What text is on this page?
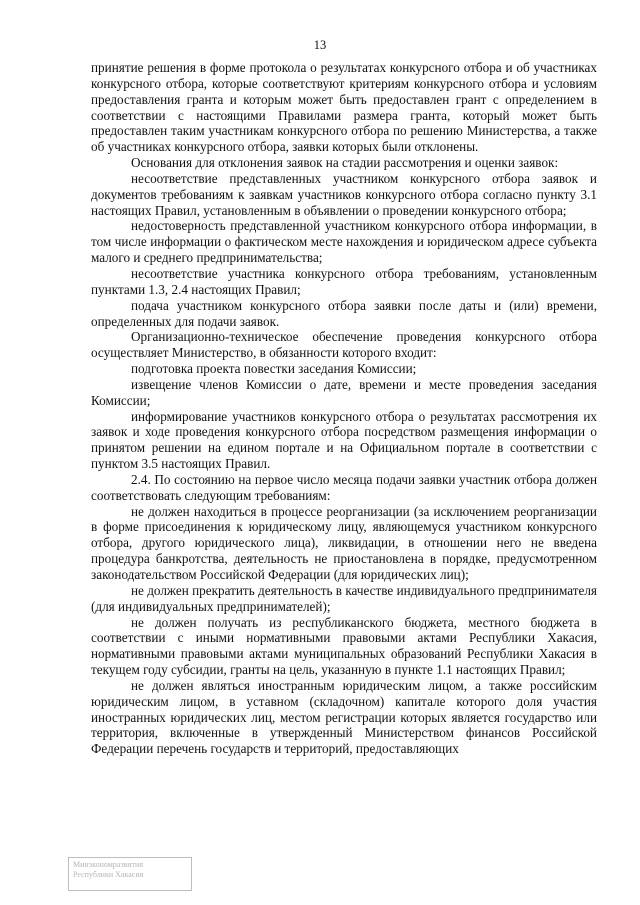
13

принятие решения в форме протокола о результатах конкурсного отбора и об участниках конкурсного отбора, которые соответствуют критериям конкурсного отбора и условиям предоставления гранта и которым может быть предоставлен грант с определением в соответствии с настоящими Правилами размера гранта, который может быть предоставлен таким участникам конкурсного отбора по решению Министерства, а также об участниках конкурсного отбора, заявки которых были отклонены.

Основания для отклонения заявок на стадии рассмотрения и оценки заявок:

несоответствие представленных участником конкурсного отбора заявок и документов требованиям к заявкам участников конкурсного отбора согласно пункту 3.1 настоящих Правил, установленным в объявлении о проведении конкурсного отбора;

недостоверность представленной участником конкурсного отбора информации, в том числе информации о фактическом месте нахождения и юридическом адресе субъекта малого и среднего предпринимательства;

несоответствие участника конкурсного отбора требованиям, установленным пунктами 1.3, 2.4 настоящих Правил;

подача участником конкурсного отбора заявки после даты и (или) времени, определенных для подачи заявок.

Организационно-техническое обеспечение проведения конкурсного отбора осуществляет Министерство, в обязанности которого входит:

подготовка проекта повестки заседания Комиссии;

извещение членов Комиссии о дате, времени и месте проведения заседания Комиссии;

информирование участников конкурсного отбора о результатах рассмотрения их заявок и ходе проведения конкурсного отбора посредством размещения информации о принятом решении на едином портале и на Официальном портале в соответствии с пунктом 3.5 настоящих Правил.

2.4. По состоянию на первое число месяца подачи заявки участник отбора должен соответствовать следующим требованиям:

не должен находиться в процессе реорганизации (за исключением реорганизации в форме присоединения к юридическому лицу, являющемуся участником конкурсного отбора, другого юридического лица), ликвидации, в отношении него не введена процедура банкротства, деятельность не приостановлена в порядке, предусмотренном законодательством Российской Федерации (для юридических лиц);

не должен прекратить деятельность в качестве индивидуального предпринимателя (для индивидуальных предпринимателей);

не должен получать из республиканского бюджета, местного бюджета в соответствии с иными нормативными правовыми актами Республики Хакасия, нормативными правовыми актами муниципальных образований Республики Хакасия в текущем году субсидии, гранты на цель, указанную в пункте 1.1 настоящих Правил;

не должен являться иностранным юридическим лицом, а также российским юридическим лицом, в уставном (складочном) капитале которого доля участия иностранных юридических лиц, местом регистрации которых является государство или территория, включенные в утвержденный Министерством финансов Российской Федерации перечень государств и территорий, предоставляющих

Минэкономразвития
Республики Хакасия
